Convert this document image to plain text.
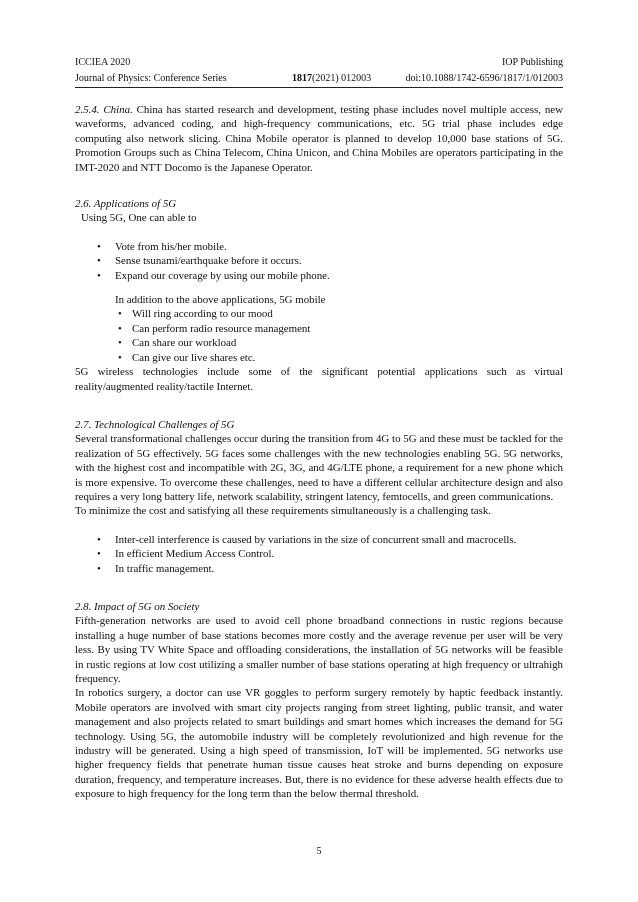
ICCIEA 2020	IOP Publishing
Journal of Physics: Conference Series	1817(2021) 012003	doi:10.1088/1742-6596/1817/1/012003

2.5.4. China. China has started research and development, testing phase includes novel multiple access, new waveforms, advanced coding, and high-frequency communications, etc. 5G trial phase includes edge computing also network slicing. China Mobile operator is planned to develop 10,000 base stations of 5G. Promotion Groups such as China Telecom, China Unicon, and China Mobiles are operators participating in the IMT-2020 and NTT Docomo is the Japanese Operator.

2.6. Applications of 5G

Using 5G, One can able to

• Vote from his/her mobile.
• Sense tsunami/earthquake before it occurs.
• Expand our coverage by using our mobile phone.

In addition to the above applications, 5G mobile

• Will ring according to our mood
• Can perform radio resource management
• Can share our workload
• Can give our live shares etc.

5G wireless technologies include some of the significant potential applications such as virtual reality/augmented reality/tactile Internet.

2.7. Technological Challenges of 5G

Several transformational challenges occur during the transition from 4G to 5G and these must be tackled for the realization of 5G effectively. 5G faces some challenges with the new technologies enabling 5G. 5G networks, with the highest cost and incompatible with 2G, 3G, and 4G/LTE phone, a requirement for a new phone which is more expensive. To overcome these challenges, need to have a different cellular architecture design and also requires a very long battery life, network scalability, stringent latency, femtocells, and green communications.

To minimize the cost and satisfying all these requirements simultaneously is a challenging task.

• Inter-cell interference is caused by variations in the size of concurrent small and macrocells.
• In efficient Medium Access Control.
• In traffic management.

2.8. Impact of 5G on Society

Fifth-generation networks are used to avoid cell phone broadband connections in rustic regions because installing a huge number of base stations becomes more costly and the average revenue per user will be very less. By using TV White Space and offloading considerations, the installation of 5G networks will be feasible in rustic regions at low cost utilizing a smaller number of base stations operating at high frequency or ultrahigh frequency.

In robotics surgery, a doctor can use VR goggles to perform surgery remotely by haptic feedback instantly. Mobile operators are involved with smart city projects ranging from street lighting, public transit, and water management and also projects related to smart buildings and smart homes which increases the demand for 5G technology. Using 5G, the automobile industry will be completely revolutionized and high revenue for the industry will be generated. Using a high speed of transmission, IoT will be implemented. 5G networks use higher frequency fields that penetrate human tissue causes heat stroke and burns depending on exposure duration, frequency, and temperature increases. But, there is no evidence for these adverse health effects due to exposure to high frequency for the long term than the below thermal threshold.

5
